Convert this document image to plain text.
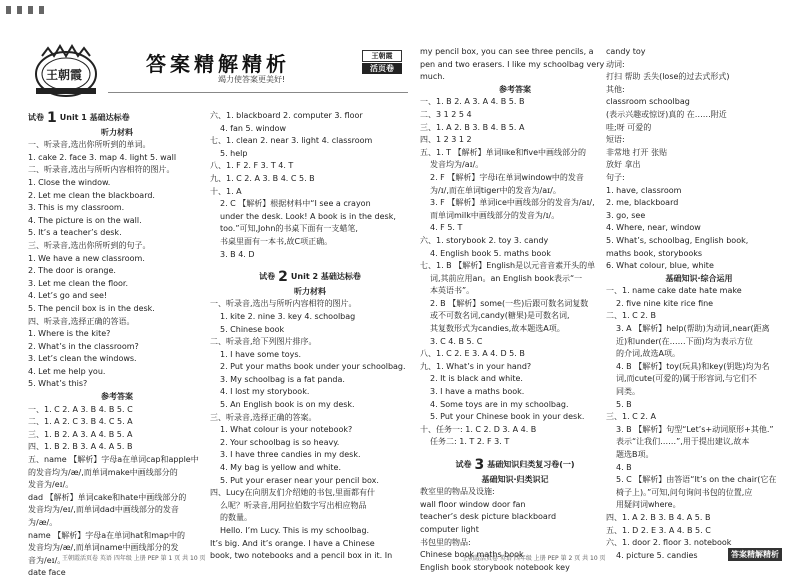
王朝霞	答案精解精析
竭力使答案更美好!
王朝霞
活页卷
试卷 1 Unit 1 基础达标卷
听力材料
一、听录音,选出你所听到的单词。
1. cake 2. face 3. map 4. light 5. wall
二、听录音,选出与所听内容相符的图片。
1. Close the window.
2. Let me clean the blackboard.
3. This is my classroom.
4. The picture is on the wall.
5. It’s a teacher’s desk.
三、听录音,选出你所听到的句子。
1. We have a new classroom.
2. The door is orange.
3. Let me clean the floor.
4. Let’s go and see!
5. The pencil box is in the desk.
四、听录音,选择正确的答语。
1. Where is the kite?
2. What’s in the classroom?
3. Let’s clean the windows.
4. Let me help you.
5. What’s this?
参考答案
一、1. C 2. A 3. B 4. B 5. C
二、1. A 2. C 3. B 4. C 5. A
三、1. B 2. A 3. A 4. B 5. A
四、1. B 2. B 3. A 4. A 5. B
五、name 【解析】字母a在单词cap和apple中
的发音均为/æ/,而单词make中画线部分的
发音为/eɪ/。
dad 【解析】单词cake和hate中画线部分的
发音均为/eɪ/,而单词dad中画线部分的发音
为/æ/。
name 【解析】字母a在单词hat和map中的
发音均为/æ/,而单词name中画线部分的发
音为/eɪ/。
date face
六、1. blackboard 2. computer 3. floor
4. fan 5. window
七、1. clean 2. near 3. light 4. classroom
5. help
八、1. F 2. F 3. T 4. T
九、1. C 2. A 3. B 4. C 5. B
十、1. A
2. C 【解析】根据材料中“I see a crayon
under the desk. Look! A book is in the desk,
too.”可知,John的书桌下面有一支蜡笔,
书桌里面有一本书,故C项正确。
3. B 4. D
试卷 2 Unit 2 基础达标卷
听力材料
一、听录音,选出与所听内容相符的图片。
1. kite 2. nine 3. key 4. schoolbag
5. Chinese book
二、听录音,给下列图片排序。
1. I have some toys.
2. Put your maths book under your schoolbag.
3. My schoolbag is a fat panda.
4. I lost my storybook.
5. An English book is on my desk.
三、听录音,选择正确的答案。
1. What colour is your notebook?
2. Your schoolbag is so heavy.
3. I have three candies in my desk.
4. My bag is yellow and white.
5. Put your eraser near your pencil box.
四、Lucy在向朋友们介绍她的书包,里面都有什
么呢？听录音,用阿拉伯数字写出相应物品
的数量。
Hello. I’m Lucy. This is my schoolbag.
It’s big. And it’s orange. I have a Chinese
book, two notebooks and a pencil box in it. In
my pencil box, you can see three pencils, a
pen and two erasers. I like my schoolbag very
much.
参考答案
一、1. B 2. A 3. A 4. B 5. B
二、3 1 2 5 4
三、1. A 2. B 3. B 4. B 5. A
四、1 2 3 1 2
五、1. T 【解析】单词like和five中画线部分的
发音均为/aɪ/。
2. F 【解析】字母i在单词window中的发音
为/ɪ/,而在单词tiger中的发音为/aɪ/。
3. F 【解析】单词ice中画线部分的发音为/aɪ/,
而单词milk中画线部分的发音为/ɪ/。
4. F 5. T
六、1. storybook 2. toy 3. candy
4. English book 5. maths book
七、1. B 【解析】English是以元音音素开头的单
词,其前应用an。an English book表示“一
本英语书”。
2. B 【解析】some(一些)后跟可数名词复数
或不可数名词,candy(糖果)是可数名词,
其复数形式为candies,故本题选A项。
3. C 4. B 5. C
八、1. C 2. E 3. A 4. D 5. B
九、1. What’s in your hand?
2. It is black and white.
3. I have a maths book.
4. Some toys are in my schoolbag.
5. Put your Chinese book in your desk.
十、任务一: 1. C 2. D 3. A 4. B
任务二: 1. T 2. F 3. T
试卷 3 基础知识归类复习卷(一)
基础知识·归类识记
教室里的物品及设施:
wall floor window door fan
teacher’s desk picture blackboard
computer light
书包里的物品:
Chinese book maths book
English book storybook notebook key
candy toy
动词:
打扫 帮助 丢失(lose的过去式形式)
其他:
classroom schoolbag
(表示兴趣或惊讶)真的 在……附近
哇;呀 可爱的
短语:
非常地 打开 张贴
放好 拿出
句子:
1. have, classroom
2. me, blackboard
3. go, see
4. Where, near, window
5. What’s, schoolbag, English book,
maths book, storybooks
6. What colour, blue, white
基础知识·综合运用
一、1. name cake date hate make
2. five nine kite rice fine
二、1. C 2. B
3. A 【解析】help(帮助)为动词,near(距离
近)和under(在……下面)均为表示方位
的介词,故选A项。
4. B 【解析】toy(玩具)和key(钥匙)均为名
词,而cute(可爱的)属于形容词,与它们不
同类。
5. B
三、1. C 2. A
3. B 【解析】句型“Let’s+动词原形+其他.”
表示“让我们……”,用于提出建议,故本
题选B项。
4. B
5. C 【解析】由答语“It’s on the chair(它在
椅子上)。”可知,问句询问书包的位置,应
用疑问词where。
四、1. A 2. B 3. B 4. A 5. B
五、1. D 2. E 3. A 4. B 5. C
六、1. door 2. floor 3. notebook
4. picture 5. candies
王朝霞活页卷 英语 四年级 上册 PEP 第 1 页 共 10 页	王朝霞活页卷 英语 四年级 上册 PEP 第 2 页 共 10 页	答案精解精析
